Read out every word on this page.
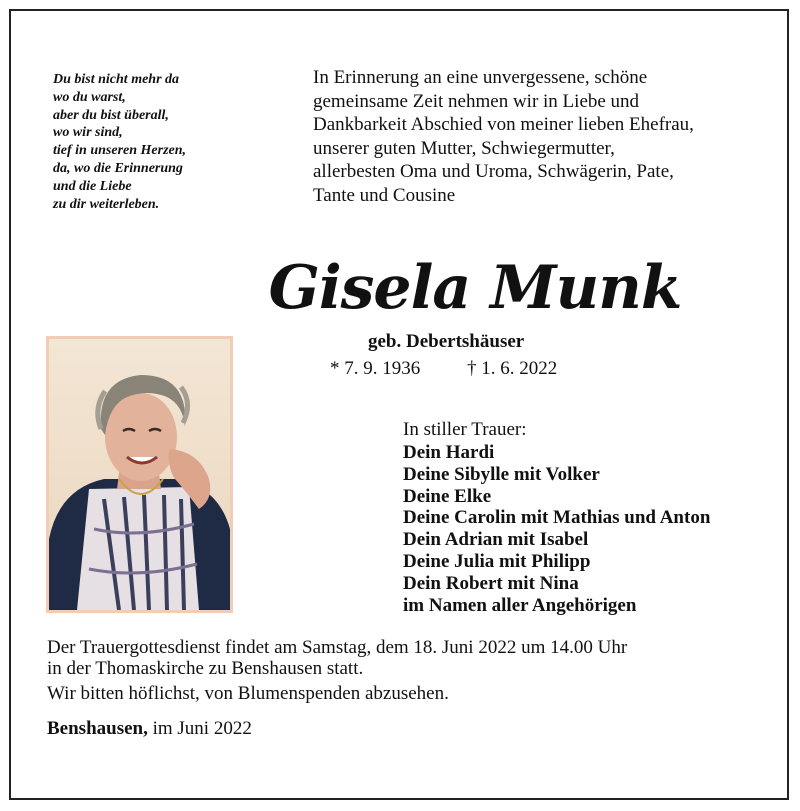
Du bist nicht mehr da
wo du warst,
aber du bist überall,
wo wir sind,
tief in unseren Herzen,
da, wo die Erinnerung
und die Liebe
zu dir weiterleben.
In Erinnerung an eine unvergessene, schöne
gemeinsame Zeit nehmen wir in Liebe und
Dankbarkeit Abschied von meiner lieben Ehefrau,
unserer guten Mutter, Schwiegermutter,
allerbesten Oma und Uroma, Schwägerin, Pate,
Tante und Cousine
Gisela Munk
geb. Debertshäuser
* 7. 9. 1936 † 1. 6. 2022
In stiller Trauer:
Dein Hardi
Deine Sibylle mit Volker
Deine Elke
Deine Carolin mit Mathias und Anton
Dein Adrian mit Isabel
Deine Julia mit Philipp
Dein Robert mit Nina
im Namen aller Angehörigen
Der Trauergottesdienst findet am Samstag, dem 18. Juni 2022 um 14.00 Uhr
in der Thomaskirche zu Benshausen statt.
Wir bitten höflichst, von Blumenspenden abzusehen.
Benshausen, im Juni 2022
